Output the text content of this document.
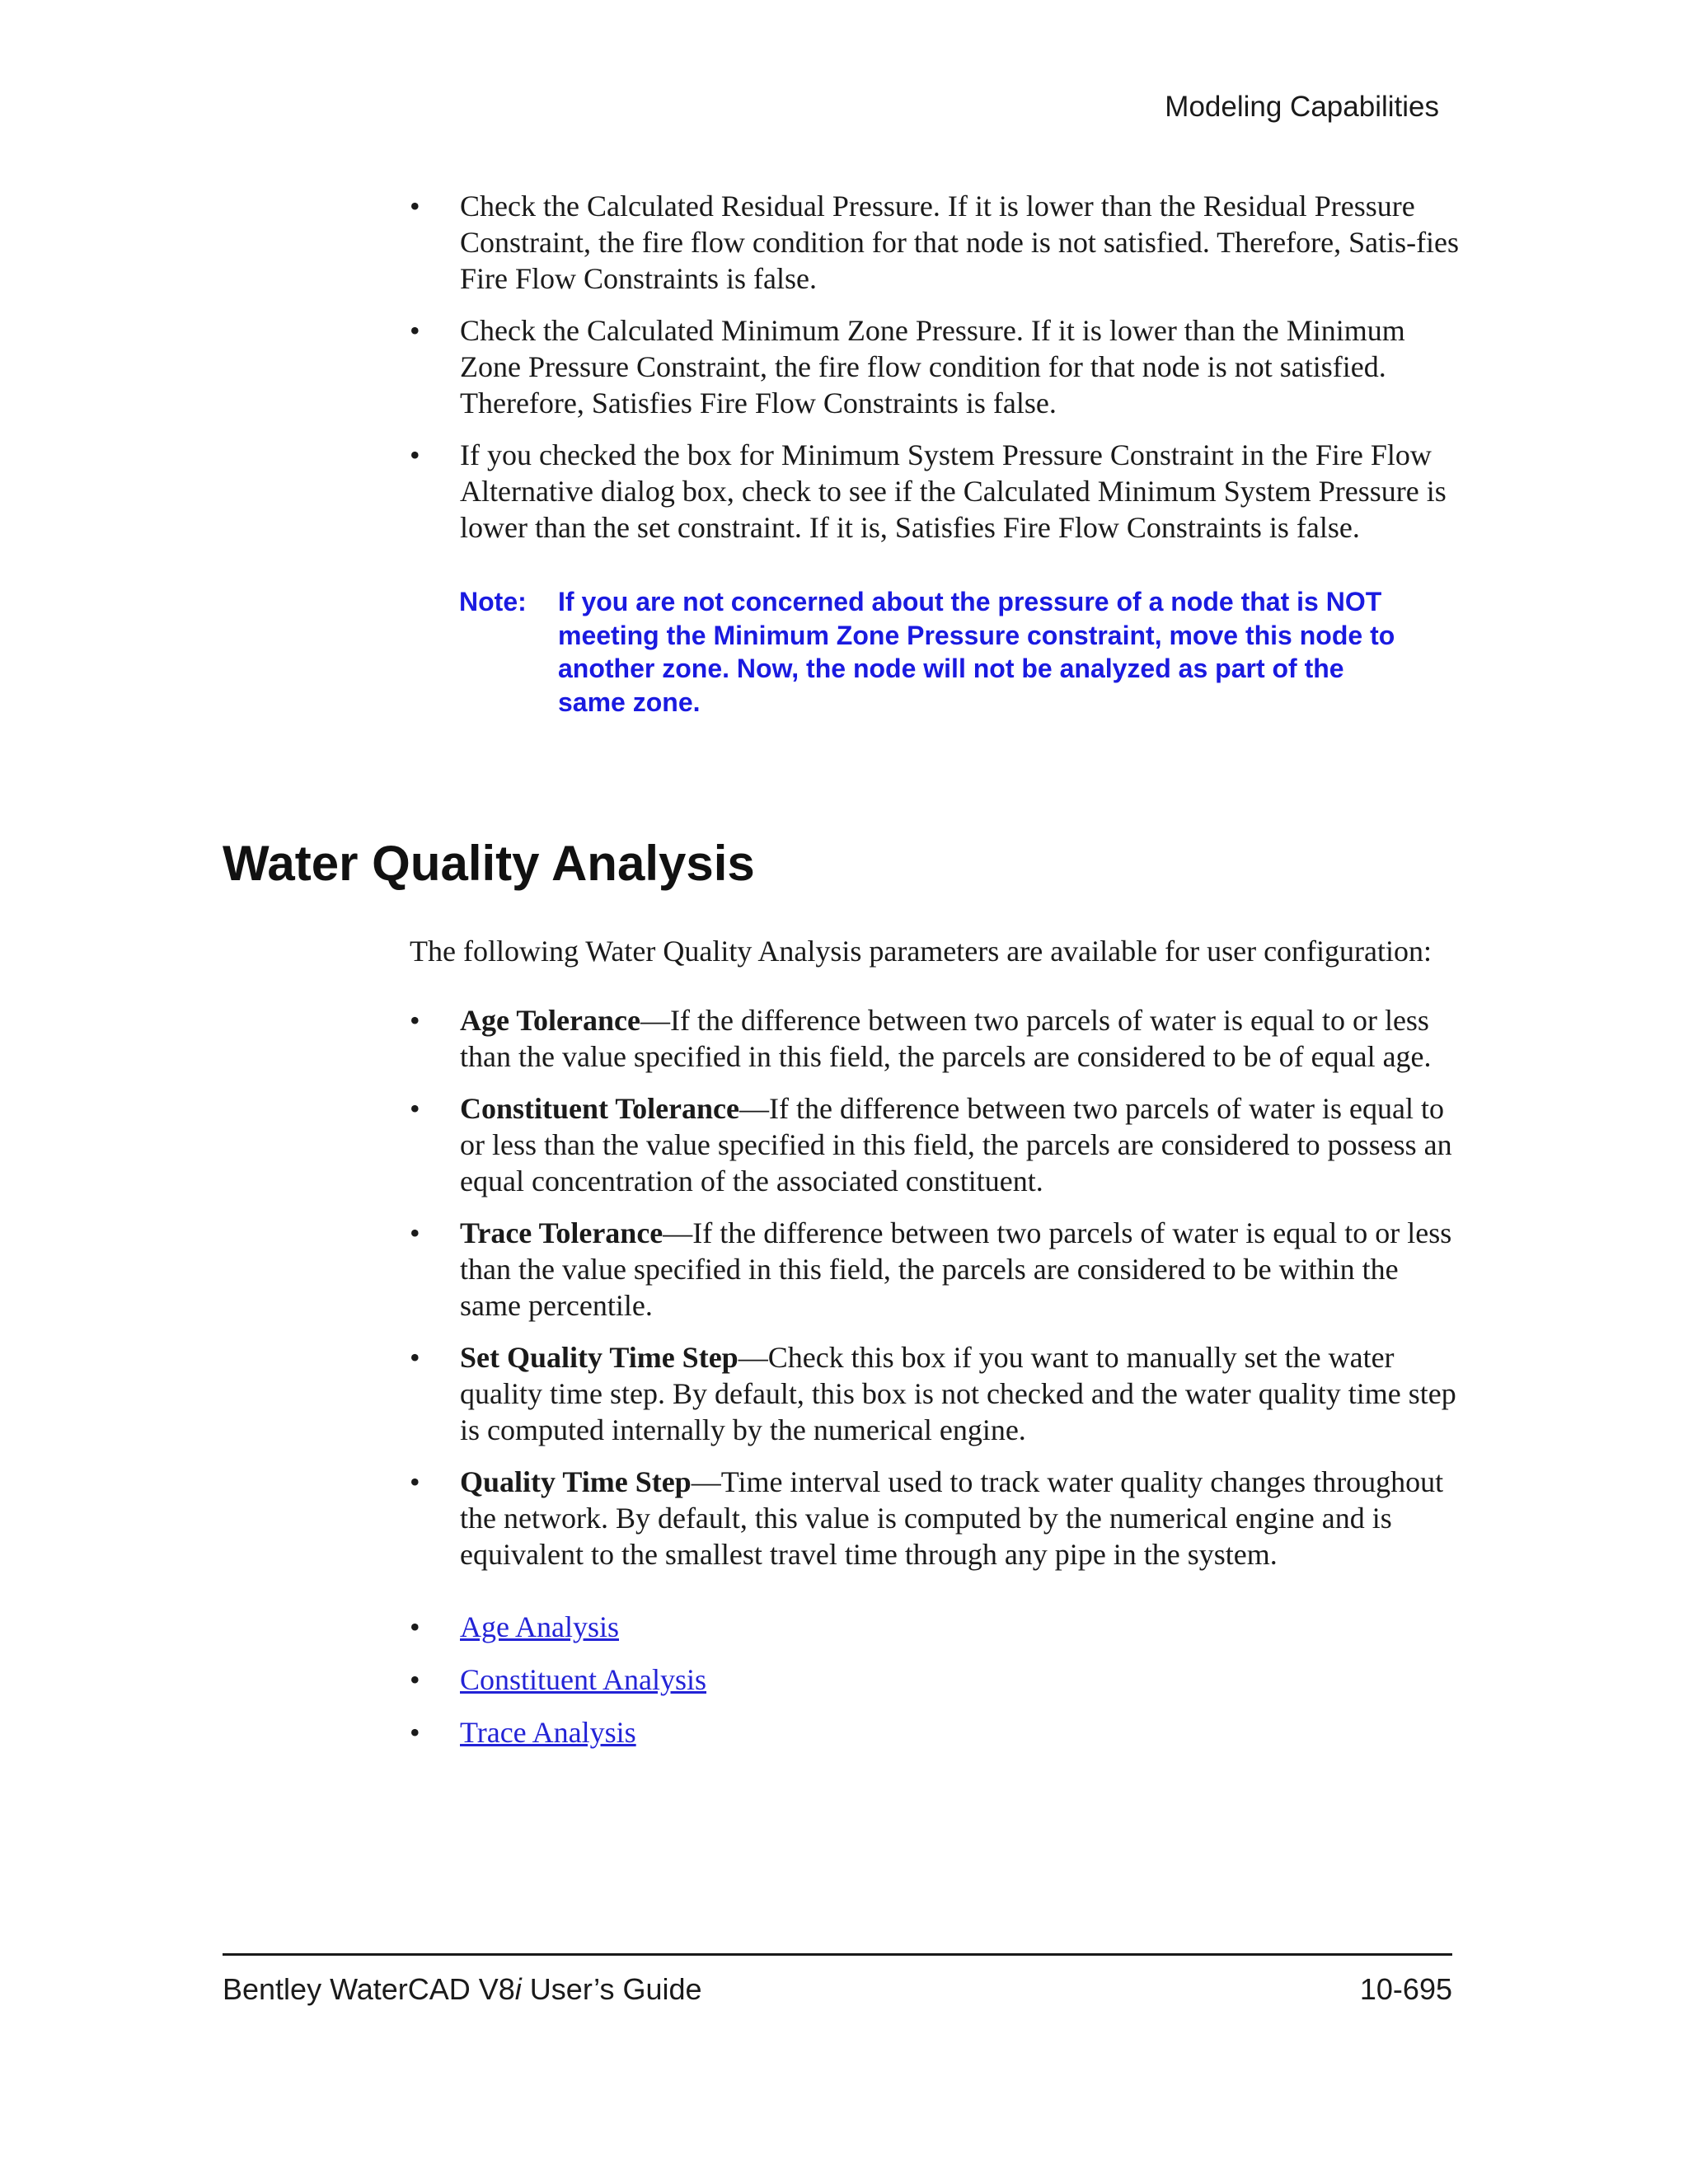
Modeling Capabilities
• Check the Calculated Residual Pressure. If it is lower than the Residual Pressure Constraint, the fire flow condition for that node is not satisfied. Therefore, Satis-fies Fire Flow Constraints is false.
• Check the Calculated Minimum Zone Pressure. If it is lower than the Minimum Zone Pressure Constraint, the fire flow condition for that node is not satisfied. Therefore, Satisfies Fire Flow Constraints is false.
• If you checked the box for Minimum System Pressure Constraint in the Fire Flow Alternative dialog box, check to see if the Calculated Minimum System Pressure is lower than the set constraint. If it is, Satisfies Fire Flow Constraints is false.
Note: If you are not concerned about the pressure of a node that is NOT meeting the Minimum Zone Pressure constraint, move this node to another zone. Now, the node will not be analyzed as part of the same zone.
Water Quality Analysis

The following Water Quality Analysis parameters are available for user configuration:

• Age Tolerance—If the difference between two parcels of water is equal to or less than the value specified in this field, the parcels are considered to be of equal age.
• Constituent Tolerance—If the difference between two parcels of water is equal to or less than the value specified in this field, the parcels are considered to possess an equal concentration of the associated constituent.
• Trace Tolerance—If the difference between two parcels of water is equal to or less than the value specified in this field, the parcels are considered to be within the same percentile.
• Set Quality Time Step—Check this box if you want to manually set the water quality time step. By default, this box is not checked and the water quality time step is computed internally by the numerical engine.
• Quality Time Step—Time interval used to track water quality changes throughout the network. By default, this value is computed by the numerical engine and is equivalent to the smallest travel time through any pipe in the system.
• Age Analysis
• Constituent Analysis
• Trace Analysis
Bentley WaterCAD V8i User’s Guide	10-695
